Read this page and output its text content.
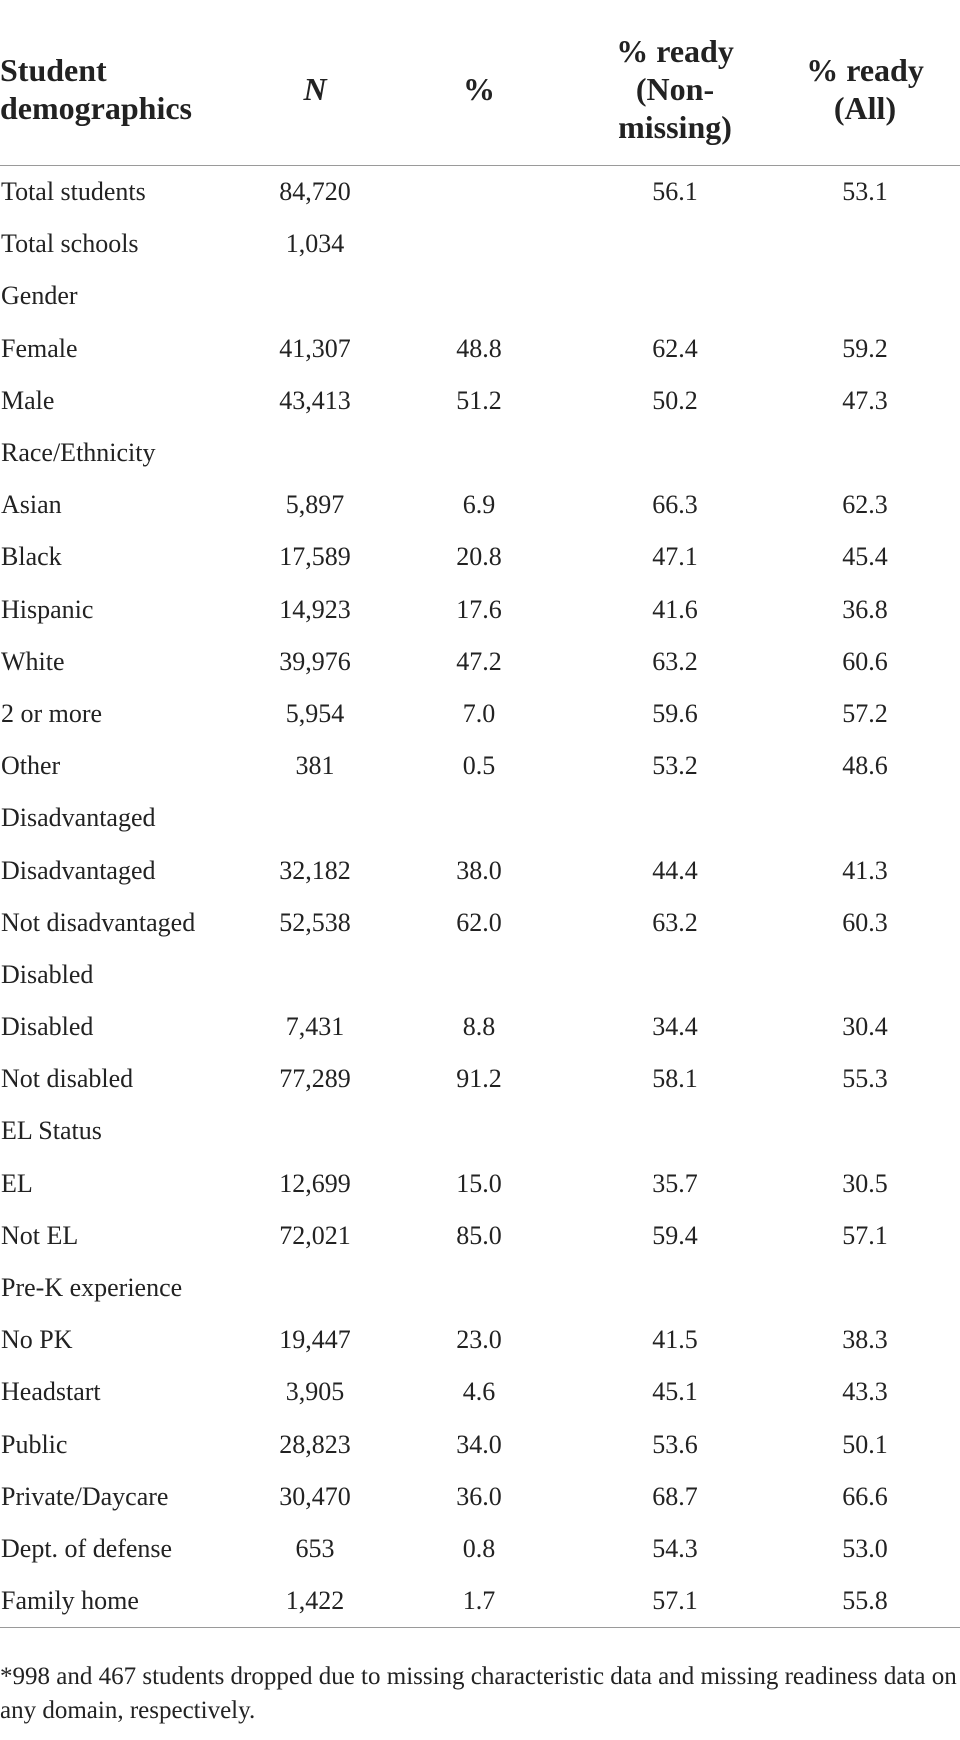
Student
demographics	N	%	% ready
(Non-
missing)	% ready
(All)
Total students	84,720		56.1	53.1
Total schools	1,034			
Gender				
Female	41,307	48.8	62.4	59.2
Male	43,413	51.2	50.2	47.3
Race/Ethnicity				
Asian	5,897	6.9	66.3	62.3
Black	17,589	20.8	47.1	45.4
Hispanic	14,923	17.6	41.6	36.8
White	39,976	47.2	63.2	60.6
2 or more	5,954	7.0	59.6	57.2
Other	381	0.5	53.2	48.6
Disadvantaged				
Disadvantaged	32,182	38.0	44.4	41.3
Not disadvantaged	52,538	62.0	63.2	60.3
Disabled				
Disabled	7,431	8.8	34.4	30.4
Not disabled	77,289	91.2	58.1	55.3
EL Status				
EL	12,699	15.0	35.7	30.5
Not EL	72,021	85.0	59.4	57.1
Pre-K experience				
No PK	19,447	23.0	41.5	38.3
Headstart	3,905	4.6	45.1	43.3
Public	28,823	34.0	53.6	50.1
Private/Daycare	30,470	36.0	68.7	66.6
Dept. of defense	653	0.8	54.3	53.0
Family home	1,422	1.7	57.1	55.8
*998 and 467 students dropped due to missing characteristic data and missing readiness data on any domain, respectively.
